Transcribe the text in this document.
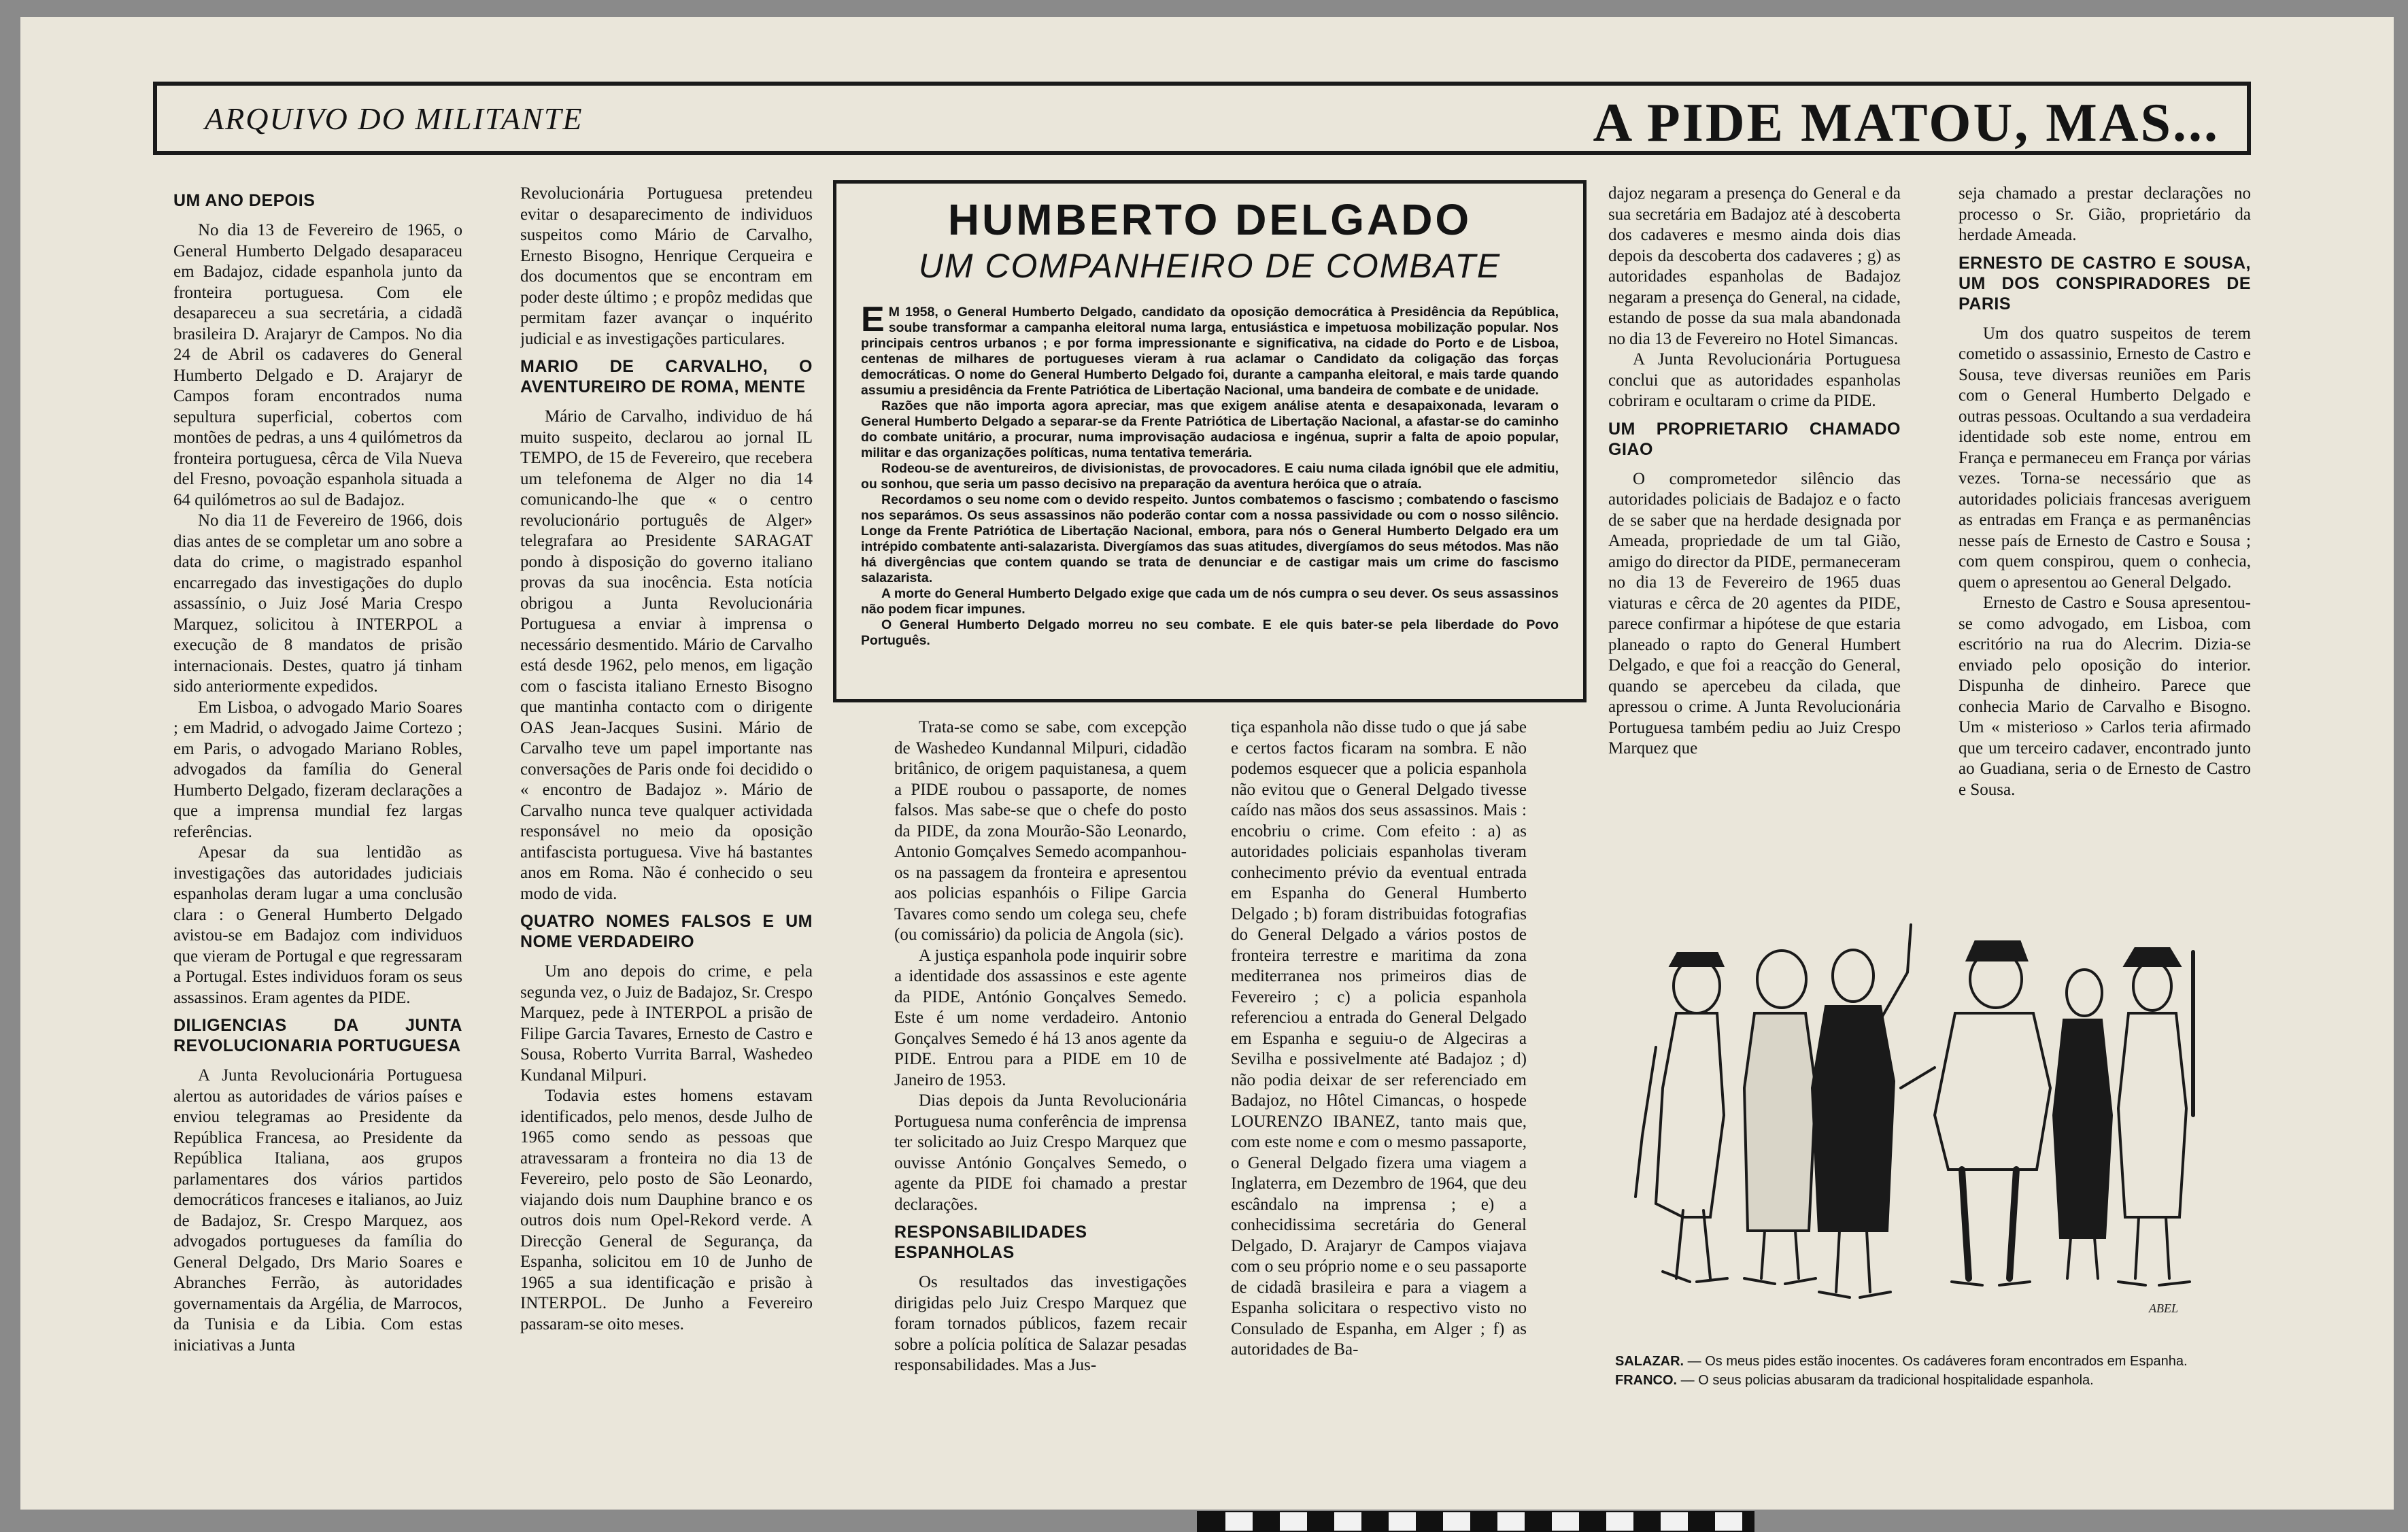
ARQUIVO DO MILITANTE	A PIDE MATOU, MAS...
UM ANO DEPOIS

No dia 13 de Fevereiro de 1965, o General Humberto Delgado desaparaceu em Badajoz, cidade espanhola junto da fronteira portuguesa. Com ele desapareceu a sua secretária, a cidadã brasileira D. Arajaryr de Campos. No dia 24 de Abril os cadaveres do General Humberto Delgado e D. Arajaryr de Campos foram encontrados numa sepultura superficial, cobertos com montões de pedras, a uns 4 quilómetros da fronteira portuguesa, cêrca de Vila Nueva del Fresno, povoação espanhola situada a 64 quilómetros ao sul de Badajoz.

No dia 11 de Fevereiro de 1966, dois dias antes de se completar um ano sobre a data do crime, o magistrado espanhol encarregado das investigações do duplo assassínio, o Juiz José Maria Crespo Marquez, solicitou à INTERPOL a execução de 8 mandatos de prisão internacionais. Destes, quatro já tinham sido anteriormente expedidos.

Em Lisboa, o advogado Mario Soares ; em Madrid, o advogado Jaime Cortezo ; em Paris, o advogado Mariano Robles, advogados da família do General Humberto Delgado, fizeram declarações a que a imprensa mundial fez largas referências.

Apesar da sua lentidão as investigações das autoridades judiciais espanholas deram lugar a uma conclusão clara : o General Humberto Delgado avistou-se em Badajoz com individuos que vieram de Portugal e que regressaram a Portugal. Estes individuos foram os seus assassinos. Eram agentes da PIDE.

DILIGENCIAS DA JUNTA REVOLUCIONARIA PORTUGUESA

A Junta Revolucionária Portuguesa alertou as autoridades de vários países e enviou telegramas ao Presidente da República Francesa, ao Presidente da República Italiana, aos grupos parlamentares dos vários partidos democráticos franceses e italianos, ao Juiz de Badajoz, Sr. Crespo Marquez, aos advogados portugueses da família do General Delgado, Drs Mario Soares e Abranches Ferrão, às autoridades governamentais da Argélia, de Marrocos, da Tunisia e da Libia. Com estas iniciativas a Junta

Revolucionária Portuguesa pretendeu evitar o desaparecimento de individuos suspeitos como Mário de Carvalho, Ernesto Bisogno, Henrique Cerqueira e dos documentos que se encontram em poder deste último ; e propôz medidas que permitam fazer avançar o inquérito judicial e as investigações particulares.

MARIO DE CARVALHO, O AVENTUREIRO DE ROMA, MENTE

Mário de Carvalho, individuo de há muito suspeito, declarou ao jornal IL TEMPO, de 15 de Fevereiro, que recebera um telefonema de Alger no dia 14 comunicando-lhe que « o centro revolucionário português de Alger» telegrafara ao Presidente SARAGAT pondo à disposição do governo italiano provas da sua inocência. Esta notícia obrigou a Junta Revolucionária Portuguesa a enviar à imprensa o necessário desmentido. Mário de Carvalho está desde 1962, pelo menos, em ligação com o fascista italiano Ernesto Bisogno que mantinha contacto com o dirigente OAS Jean-Jacques Susini. Mário de Carvalho teve um papel importante nas conversações de Paris onde foi decidido o « encontro de Badajoz ». Mário de Carvalho nunca teve qualquer actividada responsável no meio da oposição antifascista portuguesa. Vive há bastantes anos em Roma. Não é conhecido o seu modo de vida.

QUATRO NOMES FALSOS E UM NOME VERDADEIRO

Um ano depois do crime, e pela segunda vez, o Juiz de Badajoz, Sr. Crespo Marquez, pede à INTERPOL a prisão de Filipe Garcia Tavares, Ernesto de Castro e Sousa, Roberto Vurrita Barral, Washedeo Kundanal Milpuri.

Todavia estes homens estavam identificados, pelo menos, desde Julho de 1965 como sendo as pessoas que atravessaram a fronteira no dia 13 de Fevereiro, pelo posto de São Leonardo, viajando dois num Dauphine branco e os outros dois num Opel-Rekord verde. A Direcção General de Segurança, da Espanha, solicitou em 10 de Junho de 1965 a sua identificação e prisão à INTERPOL. De Junho a Fevereiro passaram-se oito meses.

HUMBERTO DELGADO
UM COMPANHEIRO DE COMBATE

E M 1958, o General Humberto Delgado, candidato da oposição democrática à Presidência da República, soube transformar a campanha eleitoral numa larga, entusiástica e impetuosa mobilização popular. Nos principais centros urbanos ; e por forma impressionante e significativa, na cidade do Porto e de Lisboa, centenas de milhares de portugueses vieram à rua aclamar o Candidato da coligação das forças democráticas. O nome do General Humberto Delgado foi, durante a campanha eleitoral, e mais tarde quando assumiu a presidência da Frente Patriótica de Libertação Nacional, uma bandeira de combate e de unidade.

Razões que não importa agora apreciar, mas que exigem análise atenta e desapaixonada, levaram o General Humberto Delgado a separar-se da Frente Patriótica de Libertação Nacional, a afastar-se do caminho do combate unitário, a procurar, numa improvisação audaciosa e ingénua, suprir a falta de apoio popular, militar e das organizações políticas, numa tentativa temerária.

Rodeou-se de aventureiros, de divisionistas, de provocadores. E caiu numa cilada ignóbil que ele admitiu, ou sonhou, que seria um passo decisivo na preparação da aventura heróica que o atraía.

Recordamos o seu nome com o devido respeito. Juntos combatemos o fascismo ; combatendo o fascismo nos separámos. Os seus assassinos não poderão contar com a nossa passividade ou com o nosso silêncio. Longe da Frente Patriótica de Libertação Nacional, embora, para nós o General Humberto Delgado era um intrépido combatente anti-salazarista. Divergíamos das suas atitudes, divergíamos do seus métodos. Mas não há divergências que contem quando se trata de denunciar e de castigar mais um crime do fascismo salazarista.

A morte do General Humberto Delgado exige que cada um de nós cumpra o seu dever. Os seus assassinos não podem ficar impunes.

O General Humberto Delgado morreu no seu combate. E ele quis bater-se pela liberdade do Povo Português.

Trata-se como se sabe, com excepção de Washedeo Kundannal Milpuri, cidadão britânico, de origem paquistanesa, a quem a PIDE roubou o passaporte, de nomes falsos. Mas sabe-se que o chefe do posto da PIDE, da zona Mourão-São Leonardo, Antonio Gomçalves Semedo acompanhou-os na passagem da fronteira e apresentou aos policias espanhóis o Filipe Garcia Tavares como sendo um colega seu, chefe (ou comissário) da policia de Angola (sic).

A justiça espanhola pode inquirir sobre a identidade dos assassinos e este agente da PIDE, António Gonçalves Semedo. Este é um nome verdadeiro. Antonio Gonçalves Semedo é há 13 anos agente da PIDE. Entrou para a PIDE em 10 de Janeiro de 1953.

Dias depois da Junta Revolucionária Portuguesa numa conferência de imprensa ter solicitado ao Juiz Crespo Marquez que ouvisse António Gonçalves Semedo, o agente da PIDE foi chamado a prestar declarações.

RESPONSABILIDADES ESPANHOLAS

Os resultados das investigações dirigidas pelo Juiz Crespo Marquez que foram tornados públicos, fazem recair sobre a polícia política de Salazar pesadas responsabilidades. Mas a Jus-

tiça espanhola não disse tudo o que já sabe e certos factos ficaram na sombra. E não podemos esquecer que a policia espanhola não evitou que o General Delgado tivesse caído nas mãos dos seus assassinos. Mais : encobriu o crime. Com efeito : a) as autoridades policiais espanholas tiveram conhecimento prévio da eventual entrada em Espanha do General Humberto Delgado ; b) foram distribuidas fotografias do General Delgado a vários postos de fronteira terrestre e maritima da zona mediterranea nos primeiros dias de Fevereiro ; c) a policia espanhola referenciou a entrada do General Delgado em Espanha e seguiu-o de Algeciras a Sevilha e possivelmente até Badajoz ; d) não podia deixar de ser referenciado em Badajoz, no Hôtel Cimancas, o hospede LOURENZO IBANEZ, tanto mais que, com este nome e com o mesmo passaporte, o General Delgado fizera uma viagem a Inglaterra, em Dezembro de 1964, que deu escândalo na imprensa ; e) a conhecidissima secretária do General Delgado, D. Arajaryr de Campos viajava com o seu próprio nome e o seu passaporte de cidadã brasileira e para a viagem a Espanha solicitara o respectivo visto no Consulado de Espanha, em Alger ; f) as autoridades de Ba-

dajoz negaram a presença do General e da sua secretária em Badajoz até à descoberta dos cadaveres e mesmo ainda dois dias depois da descoberta dos cadaveres ; g) as autoridades espanholas de Badajoz negaram a presença do General, na cidade, estando de posse da sua mala abandonada no dia 13 de Fevereiro no Hotel Simancas.

A Junta Revolucionária Portuguesa conclui que as autoridades espanholas cobriram e ocultaram o crime da PIDE.

UM PROPRIETARIO CHAMADO GIAO

O comprometedor silêncio das autoridades policiais de Badajoz e o facto de se saber que na herdade designada por Ameada, propriedade de um tal Gião, amigo do director da PIDE, permaneceram no dia 13 de Fevereiro de 1965 duas viaturas e cêrca de 20 agentes da PIDE, parece confirmar a hipótese de que estaria planeado o rapto do General Humbert Delgado, e que foi a reacção do General, quando se apercebeu da cilada, que apressou o crime. A Junta Revolucionária Portuguesa também pediu ao Juiz Crespo Marquez que

seja chamado a prestar declarações no processo o Sr. Gião, proprietário da herdade Ameada.

ERNESTO DE CASTRO E SOUSA, UM DOS CONSPIRADORES DE PARIS

Um dos quatro suspeitos de terem cometido o assassinio, Ernesto de Castro e Sousa, teve diversas reuniões em Paris com o General Humberto Delgado e outras pessoas. Ocultando a sua verdadeira identidade sob este nome, entrou em França e permaneceu em França por várias vezes. Torna-se necessário que as autoridades policiais francesas averiguem as entradas em França e as permanências nesse país de Ernesto de Castro e Sousa ; com quem conspirou, quem o conhecia, quem o apresentou ao General Delgado.

Ernesto de Castro e Sousa apresentou-se como advogado, em Lisboa, com escritório na rua do Alecrim. Dizia-se enviado pelo oposição do interior. Dispunha de dinheiro. Parece que conhecia Mario de Carvalho e Bisogno. Um « misterioso » Carlos teria afirmado que um terceiro cadaver, encontrado junto ao Guadiana, seria o de Ernesto de Castro e Sousa.

ABEL

SALAZAR. — Os meus pides estão inocentes. Os cadáveres foram encontrados em Espanha.

FRANCO. — O seus policias abusaram da tradicional hospitalidade espanhola.
